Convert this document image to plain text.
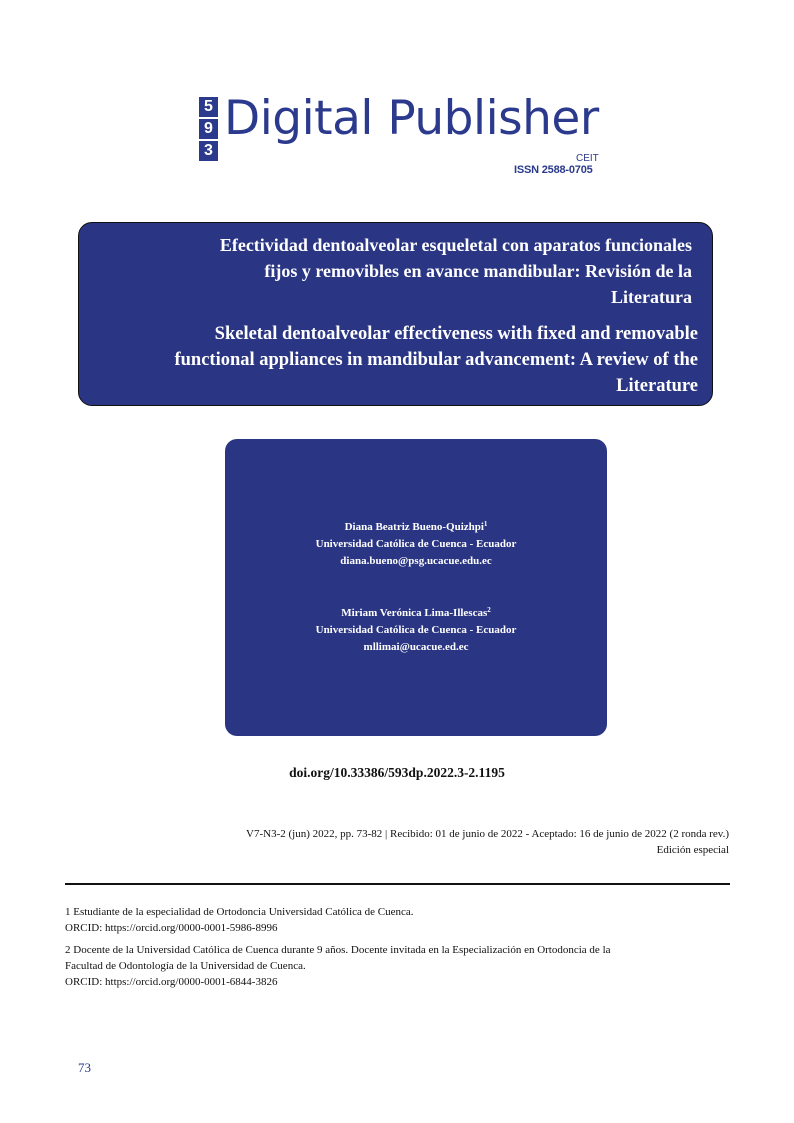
5
9
3
Digital Publisher
CEIT
ISSN 2588-0705
Efectividad dentoalveolar esqueletal con aparatos funcionales
fijos y removibles en avance mandibular: Revisión de la
Literatura
Skeletal dentoalveolar effectiveness with fixed and removable
functional appliances in mandibular advancement: A review of the
Literature
Diana Beatriz Bueno-Quizhpi$^1$
Universidad Católica de Cuenca - Ecuador
diana.bueno@psg.ucacue.edu.ec
Miriam Verónica Lima-Illescas$^2$
Universidad Católica de Cuenca - Ecuador
mllimai@ucacue.ed.ec
doi.org/10.33386/593dp.2022.3-2.1195
V7-N3-2 (jun) 2022, pp. 73-82 | Recibido: 01 de junio de 2022 - Aceptado: 16 de junio de 2022 (2 ronda rev.)
Edición especial
1 Estudiante de la especialidad de Ortodoncia Universidad Católica de Cuenca.
ORCID: https://orcid.org/0000-0001-5986-8996
2 Docente de la Universidad Católica de Cuenca durante 9 años. Docente invitada en la Especialización en Ortodoncia de la
Facultad de Odontología de la Universidad de Cuenca.
ORCID: https://orcid.org/0000-0001-6844-3826
73
